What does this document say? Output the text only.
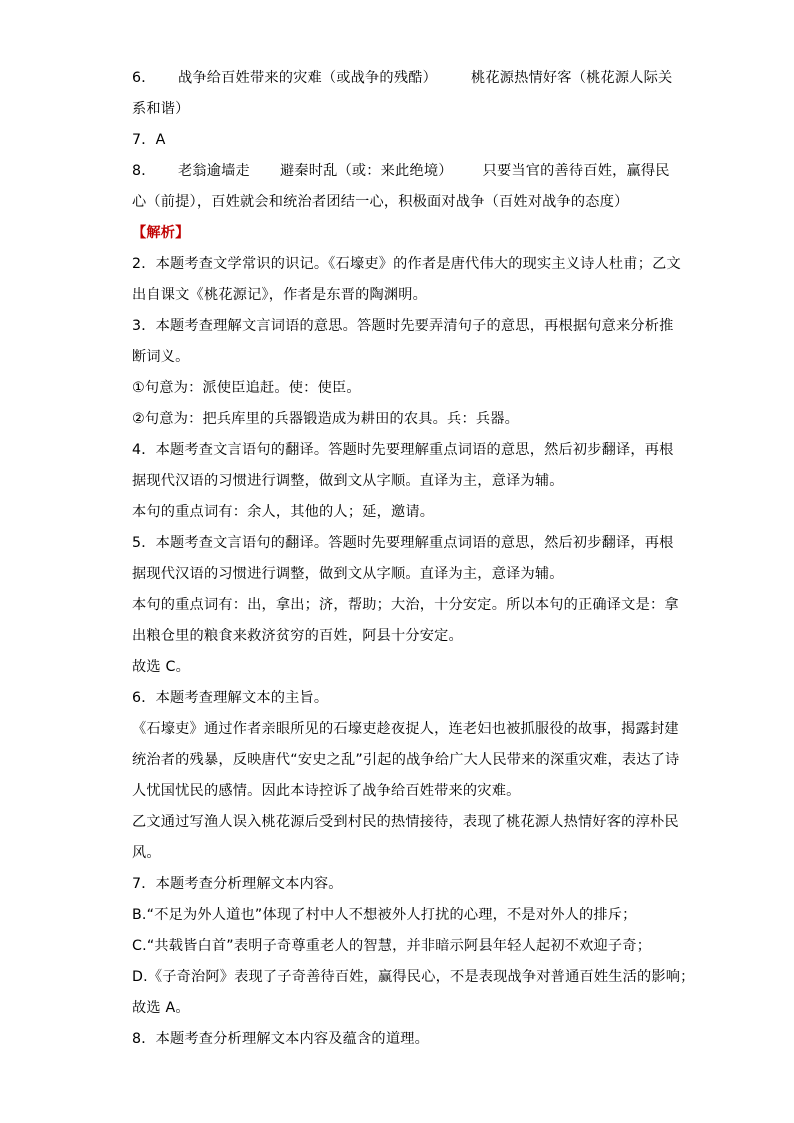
6． 战争给百姓带来的灾难（或战争的残酷） 桃花源热情好客（桃花源人际关
系和谐）
7．A
8． 老翁逾墙走 避秦时乱（或：来此绝境） 只要当官的善待百姓，赢得民
心（前提），百姓就会和统治者团结一心，积极面对战争（百姓对战争的态度）
【解析】
2．本题考查文学常识的识记。《石壕吏》的作者是唐代伟大的现实主义诗人杜甫；乙文
出自课文《桃花源记》，作者是东晋的陶渊明。
3．本题考查理解文言词语的意思。答题时先要弄清句子的意思，再根据句意来分析推
断词义。
①句意为：派使臣追赶。使：使臣。
②句意为：把兵库里的兵器锻造成为耕田的农具。兵：兵器。
4．本题考查文言语句的翻译。答题时先要理解重点词语的意思，然后初步翻译，再根
据现代汉语的习惯进行调整，做到文从字顺。直译为主，意译为辅。
本句的重点词有：余人，其他的人；延，邀请。
5．本题考查文言语句的翻译。答题时先要理解重点词语的意思，然后初步翻译，再根
据现代汉语的习惯进行调整，做到文从字顺。直译为主，意译为辅。
本句的重点词有：出，拿出；济，帮助；大治，十分安定。所以本句的正确译文是：拿
出粮仓里的粮食来救济贫穷的百姓，阿县十分安定。
故选 C。
6．本题考查理解文本的主旨。
《石壕吏》通过作者亲眼所见的石壕吏趁夜捉人，连老妇也被抓服役的故事，揭露封建
统治者的残暴，反映唐代“安史之乱”引起的战争给广大人民带来的深重灾难，表达了诗
人忧国忧民的感情。因此本诗控诉了战争给百姓带来的灾难。
乙文通过写渔人误入桃花源后受到村民的热情接待，表现了桃花源人热情好客的淳朴民
风。
7．本题考查分析理解文本内容。
B.“不足为外人道也”体现了村中人不想被外人打扰的心理，不是对外人的排斥；
C.“共载皆白首”表明子奇尊重老人的智慧，并非暗示阿县年轻人起初不欢迎子奇；
D.《子奇治阿》表现了子奇善待百姓，赢得民心，不是表现战争对普通百姓生活的影响；
故选 A。
8．本题考查分析理解文本内容及蕴含的道理。
